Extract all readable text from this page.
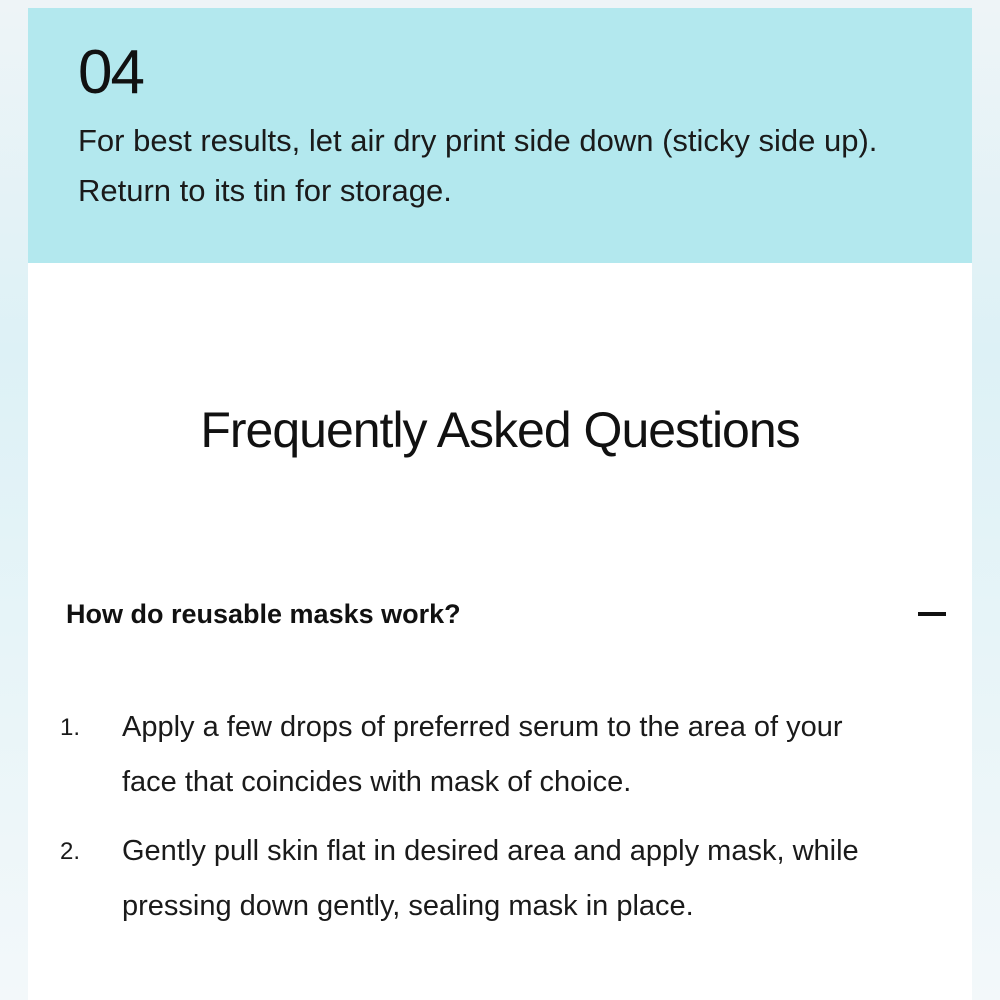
04
For best results, let air dry print side down (sticky side up). Return to its tin for storage.
Frequently Asked Questions
How do reusable masks work?
1. Apply a few drops of preferred serum to the area of your face that coincides with mask of choice.
2. Gently pull skin flat in desired area and apply mask, while pressing down gently, sealing mask in place.
